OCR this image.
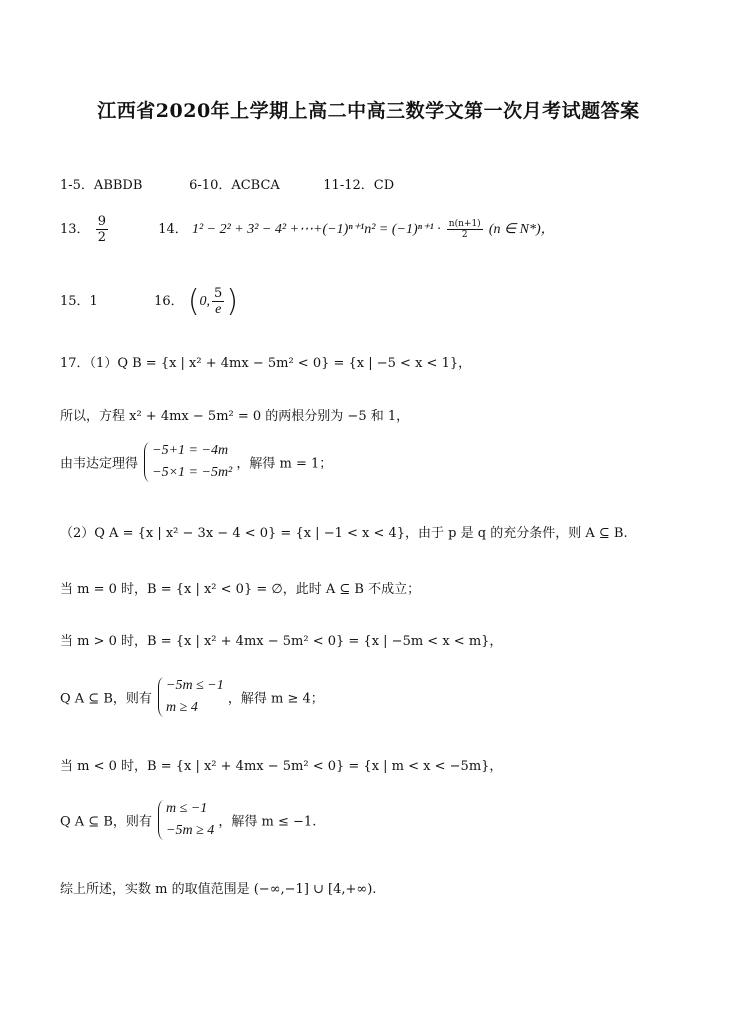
江西省2020年上学期上高二中高三数学文第一次月考试题答案
1-5．ABBDB	6-10．ACBCA	11-12．CD
13． $\frac{9}{2}$	14． 1² − 2² + 3² − 4² +⋯+(−1)ⁿ⁺¹n² = $(-1)^{n+1} \cdot \frac{n(n+1)}{2} (n$ ∈ N*)，
15．1	16． (0, $\frac{5}{e}$ )
17．（1）Q B = {x | x² + 4mx − 5m² < 0} = {x | −5 < x < 1}，
所以，方程 x² + 4mx − 5m² = 0 的两根分别为 −5 和 1，
由韦达定理得
−5+1 = −4m
−5×1 = −5m²
，解得 m = 1；
（2）Q A = {x | x² − 3x − 4 < 0} = {x | −1 < x < 4}，由于 p 是 q 的充分条件，则 A ⊆ B.
当 m = 0 时，B = {x | x² < 0} = ∅，此时 A ⊆ B 不成立；
当 m > 0 时，B = {x | x² + 4mx − 5m² < 0} = {x | −5m < x < m}，
Q A ⊆ B，则有
−5m ≤ −1
m ≥ 4
，解得 m ≥ 4；
当 m < 0 时，B = {x | x² + 4mx − 5m² < 0} = {x | m < x < −5m}，
Q A ⊆ B，则有
m ≤ −1
−5m ≥ 4
，解得 m ≤ −1.
综上所述，实数 m 的取值范围是 (−∞,−1] ∪ [4,+∞).
